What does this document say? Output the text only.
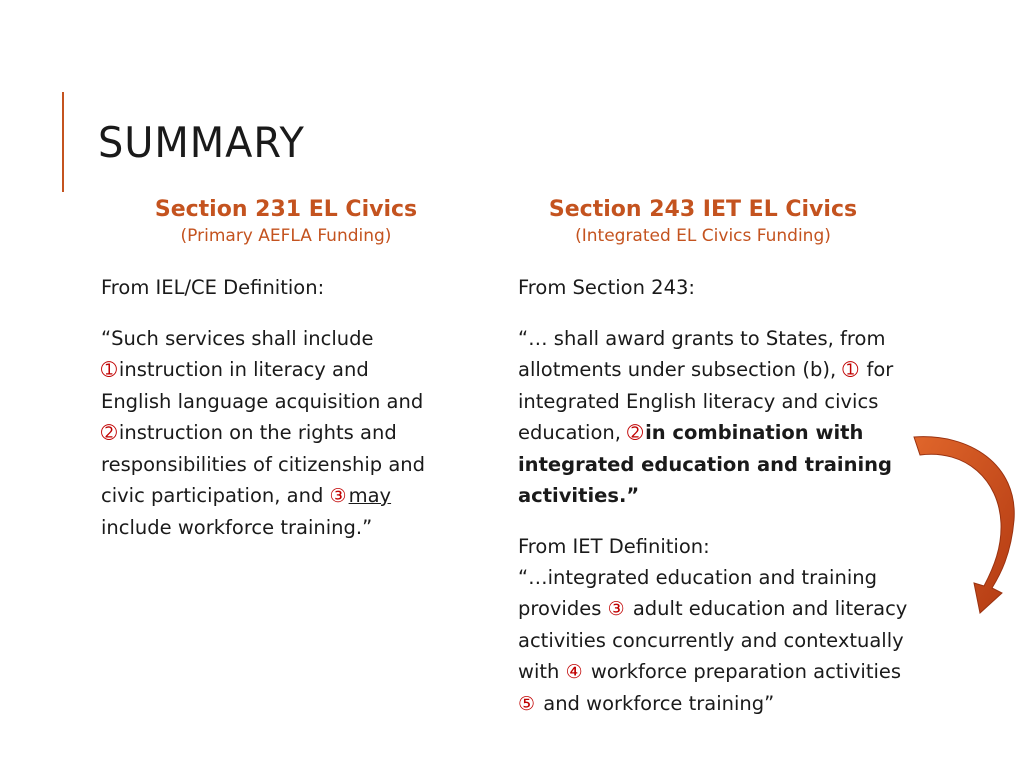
SUMMARY
Section 231 EL Civics
(Primary AEFLA Funding)
Section 243 IET EL Civics
(Integrated EL Civics Funding)
From IEL/CE Definition:
“Such services shall include
➀ instruction in literacy and
English language acquisition and
➁ instruction on the rights and
responsibilities of citizenship and
civic participation, and ③ may
include workforce training.”
From Section 243:
“… shall award grants to States, from
allotments under subsection (b), ➀ for
integrated English literacy and civics
education, ➁ in combination with
integrated education and training
activities.”
From IET Definition:
“…integrated education and training
provides ③ adult education and literacy
activities concurrently and contextually
with ④ workforce preparation activities
⑤ and workforce training”
